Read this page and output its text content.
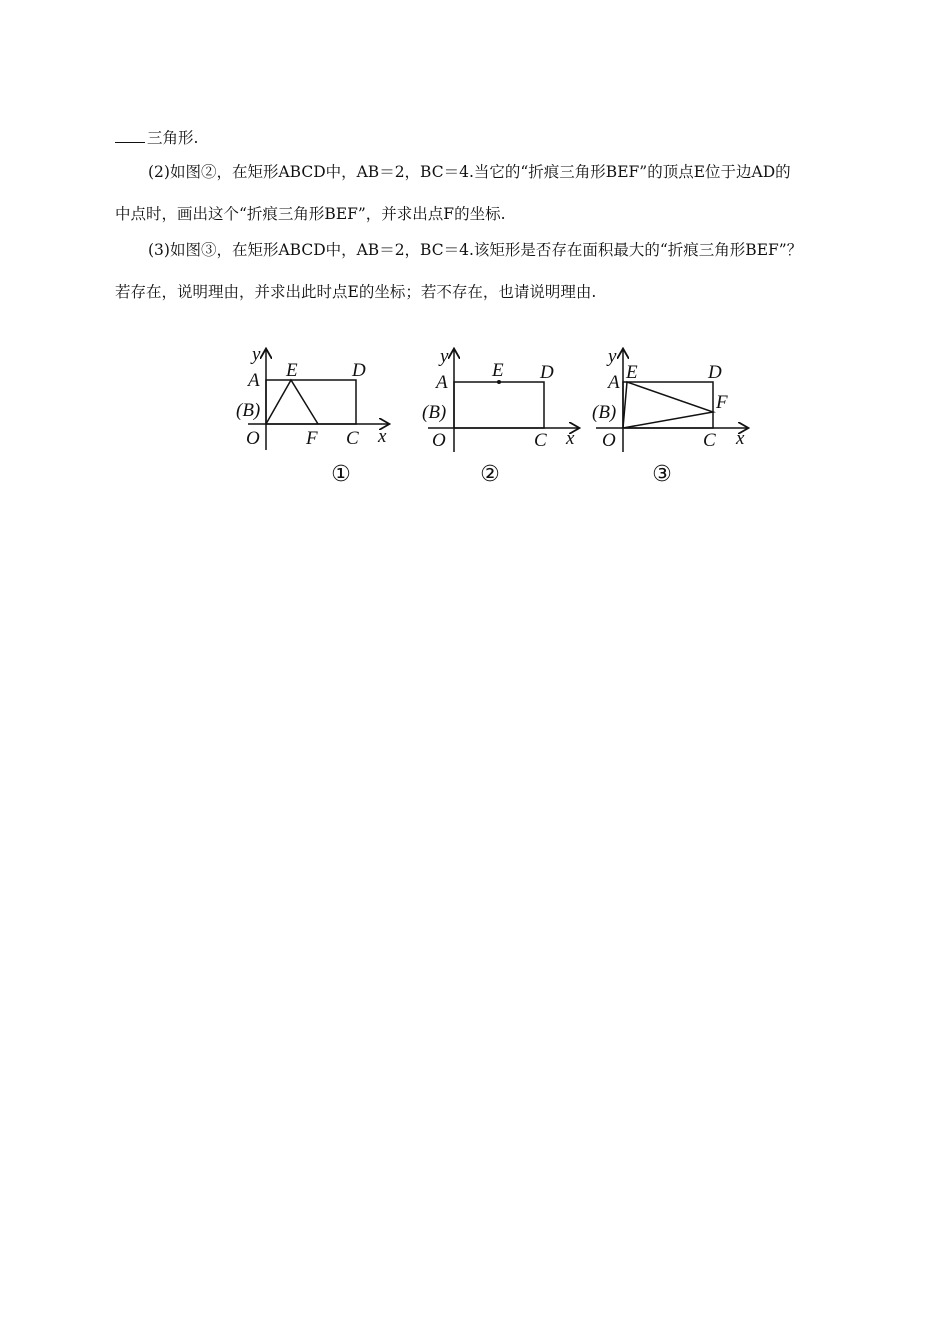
三角形.
(2)如图②，在矩形ABCD中，AB＝2，BC＝4.当它的“折痕三角形BEF”的顶点E位于边AD的
中点时，画出这个“折痕三角形BEF”，并求出点F的坐标.
(3)如图③，在矩形ABCD中，AB＝2，BC＝4.该矩形是否存在面积最大的“折痕三角形BEF”？
若存在，说明理由，并求出此时点E的坐标；若不存在，也请说明理由.
y
A E	D
(B)
O F C x
①
y
A
E D
(B)
O	C x
②
y
A E	D
F
(B)
O	C x
③
